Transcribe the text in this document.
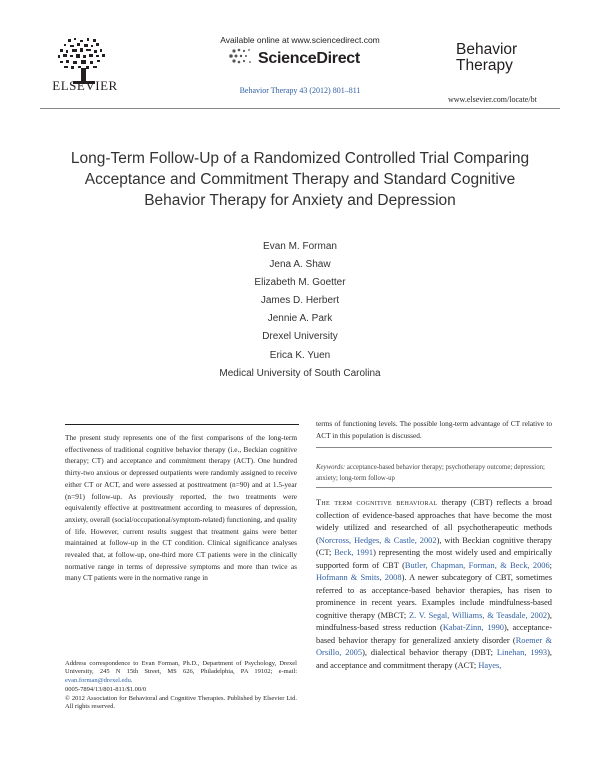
ELSEVIER
Available online at www.sciencedirect.com
ScienceDirect
Behavior Therapy 43 (2012) 801–811
Behavior
Therapy
www.elsevier.com/locate/bt
Long-Term Follow-Up of a Randomized Controlled Trial Comparing Acceptance and Commitment Therapy and Standard Cognitive Behavior Therapy for Anxiety and Depression
Evan M. Forman
Jena A. Shaw
Elizabeth M. Goetter
James D. Herbert
Jennie A. Park
Drexel University
Erica K. Yuen
Medical University of South Carolina
The present study represents one of the first comparisons of the long-term effectiveness of traditional cognitive behavior therapy (i.e., Beckian cognitive therapy; CT) and acceptance and commitment therapy (ACT). One hundred thirty-two anxious or depressed outpatients were randomly assigned to receive either CT or ACT, and were assessed at posttreatment (n=90) and at 1.5-year (n=91) follow-up. As previously reported, the two treatments were equivalently effective at posttreatment according to measures of depression, anxiety, overall (social/occupational/symptom-related) functioning, and quality of life. However, current results suggest that treatment gains were better maintained at follow-up in the CT condition. Clinical significance analyses revealed that, at follow-up, one-third more CT patients were in the clinically normative range in terms of depressive symptoms and more than twice as many CT patients were in the normative range in
terms of functioning levels. The possible long-term advantage of CT relative to ACT in this population is discussed.
Keywords: acceptance-based behavior therapy; psychotherapy outcome; depression; anxiety; long-term follow-up
The term cognitive behavioral therapy (CBT) reflects a broad collection of evidence-based approaches that have become the most widely utilized and researched of all psychotherapeutic methods (Norcross, Hedges, & Castle, 2002), with Beckian cognitive therapy (CT; Beck, 1991) representing the most widely used and empirically supported form of CBT (Butler, Chapman, Forman, & Beck, 2006; Hofmann & Smits, 2008). A newer subcategory of CBT, sometimes referred to as acceptance-based behavior therapies, has risen to prominence in recent years. Examples include mindfulness-based cognitive therapy (MBCT; Z. V. Segal, Williams, & Teasdale, 2002), mindfulness-based stress reduction (Kabat-Zinn, 1990), acceptance-based behavior therapy for generalized anxiety disorder (Roemer & Orsillo, 2005), dialectical behavior therapy (DBT; Linehan, 1993), and acceptance and commitment therapy (ACT; Hayes,

Address correspondence to Evan Forman, Ph.D., Department of Psychology, Drexel University, 245 N 15th Street, MS 626, Philadelphia, PA 19102; e-mail: evan.forman@drexel.edu.

0005-7894/13/801-811/$1.00/0

© 2012 Association for Behavioral and Cognitive Therapies. Published by Elsevier Ltd. All rights reserved.
